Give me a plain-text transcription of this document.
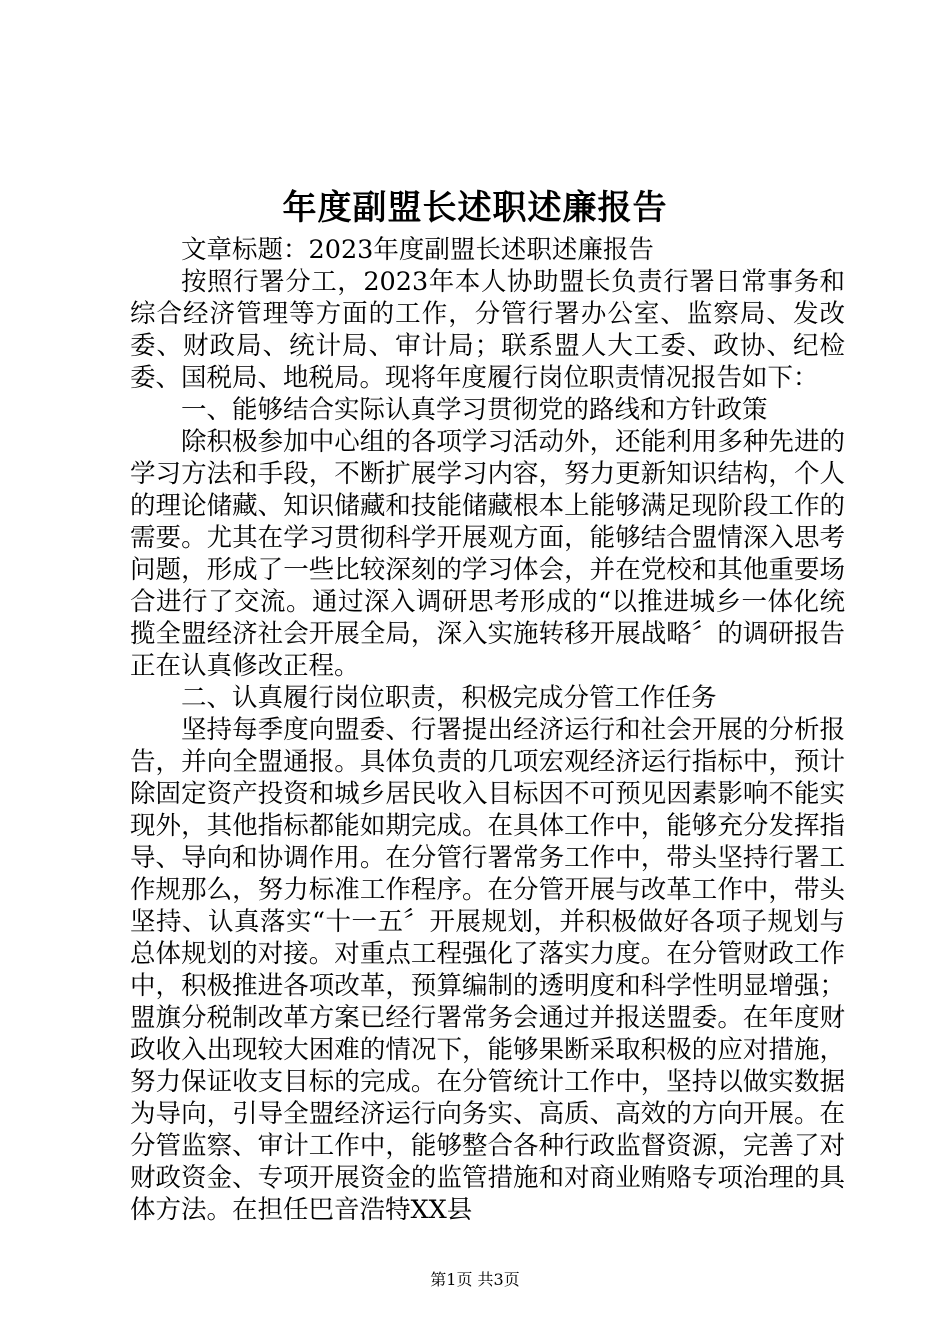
年度副盟长述职述廉报告

文章标题：2023年度副盟长述职述廉报告

按照行署分工，2023年本人协助盟长负责行署日常事务和综合经济管理等方面的工作，分管行署办公室、监察局、发改委、财政局、统计局、审计局；联系盟人大工委、政协、纪检委、国税局、地税局。现将年度履行岗位职责情况报告如下：

一、能够结合实际认真学习贯彻党的路线和方针政策

除积极参加中心组的各项学习活动外，还能利用多种先进的学习方法和手段，不断扩展学习内容，努力更新知识结构，个人的理论储藏、知识储藏和技能储藏根本上能够满足现阶段工作的需要。尤其在学习贯彻科学开展观方面，能够结合盟情深入思考问题，形成了一些比较深刻的学习体会，并在党校和其他重要场合进行了交流。通过深入调研思考形成的“以推进城乡一体化统揽全盟经济社会开展全局，深入实施转移开展战略〞的调研报告正在认真修改正程。

二、认真履行岗位职责，积极完成分管工作任务

坚持每季度向盟委、行署提出经济运行和社会开展的分析报告，并向全盟通报。具体负责的几项宏观经济运行指标中，预计除固定资产投资和城乡居民收入目标因不可预见因素影响不能实现外，其他指标都能如期完成。在具体工作中，能够充分发挥指导、导向和协调作用。在分管行署常务工作中，带头坚持行署工作规那么，努力标准工作程序。在分管开展与改革工作中，带头坚持、认真落实“十一五〞开展规划，并积极做好各项子规划与总体规划的对接。对重点工程强化了落实力度。在分管财政工作中，积极推进各项改革，预算编制的透明度和科学性明显增强；盟旗分税制改革方案已经行署常务会通过并报送盟委。在年度财政收入出现较大困难的情况下，能够果断采取积极的应对措施，努力保证收支目标的完成。在分管统计工作中，坚持以做实数据为导向，引导全盟经济运行向务实、高质、高效的方向开展。在分管监察、审计工作中，能够整合各种行政监督资源，完善了对财政资金、专项开展资金的监管措施和对商业贿赂专项治理的具体方法。在担任巴音浩特XX县

第1页 共3页
